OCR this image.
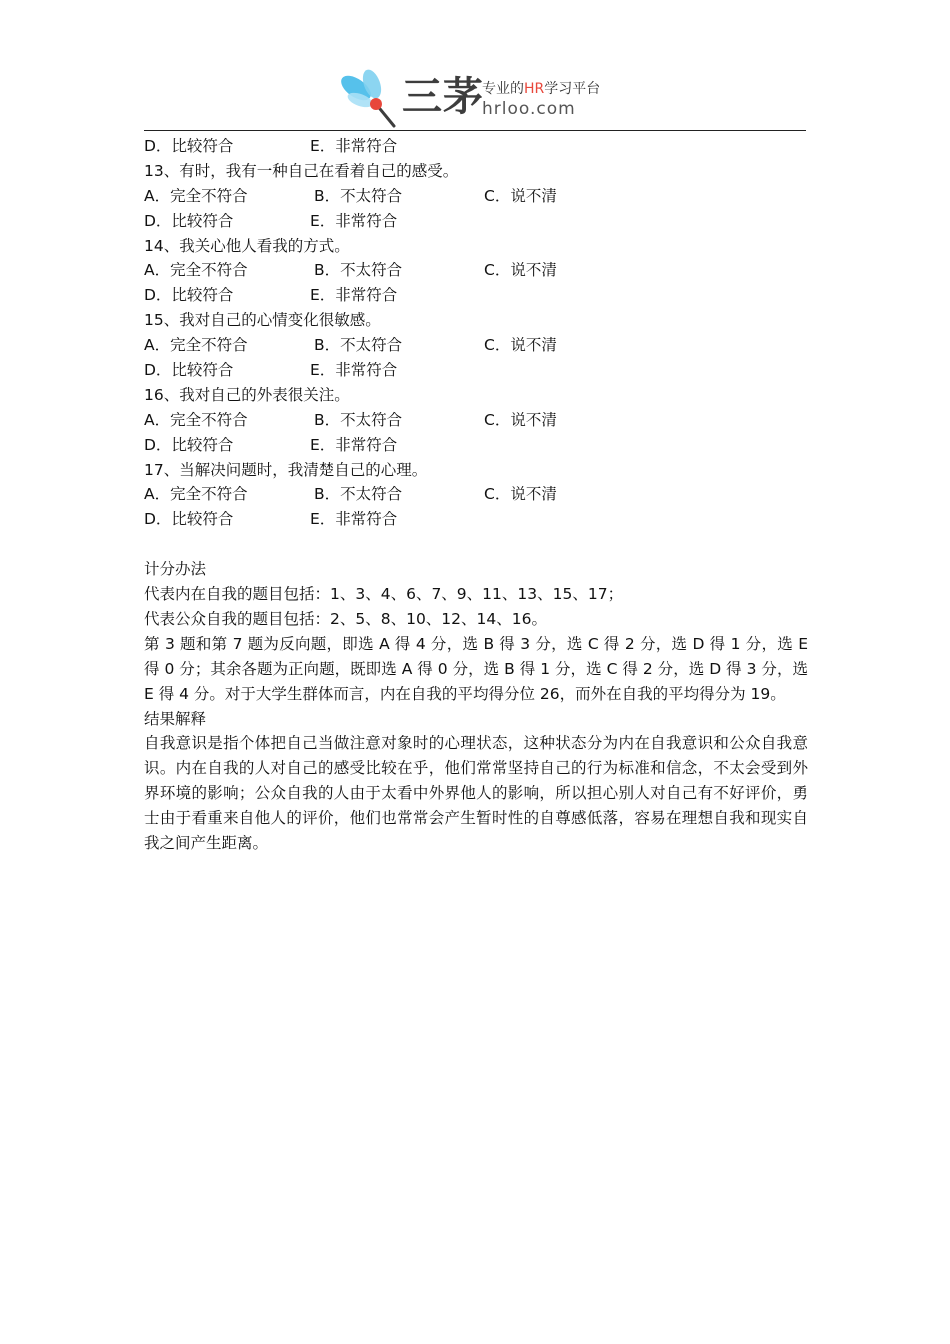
三茅
专业的HR学习平台
hrloo.com
D．比较符合	E．非常符合
13、有时，我有一种自己在看着自己的感受。
A．完全不符合	B．不太符合	C．说不清
D．比较符合	E．非常符合
14、我关心他人看我的方式。
A．完全不符合	B．不太符合	C．说不清
D．比较符合	E．非常符合
15、我对自己的心情变化很敏感。
A．完全不符合	B．不太符合	C．说不清
D．比较符合	E．非常符合
16、我对自己的外表很关注。
A．完全不符合	B．不太符合	C．说不清
D．比较符合	E．非常符合
17、当解决问题时，我清楚自己的心理。
A．完全不符合	B．不太符合	C．说不清
D．比较符合	E．非常符合
计分办法
代表内在自我的题目包括：1、3、4、6、7、9、11、13、15、17；
代表公众自我的题目包括：2、5、8、10、12、14、16。
第 3 题和第 7 题为反向题，即选 A 得 4 分，选 B 得 3 分，选 C 得 2 分，选 D 得 1 分，选 E 得 0 分；其余各题为正向题，既即选 A 得 0 分，选 B 得 1 分，选 C 得 2 分，选 D 得 3 分，选 E 得 4 分。对于大学生群体而言，内在自我的平均得分位 26，而外在自我的平均得分为 19。
结果解释
自我意识是指个体把自己当做注意对象时的心理状态，这种状态分为内在自我意识和公众自我意识。内在自我的人对自己的感受比较在乎，他们常常坚持自己的行为标准和信念，不太会受到外界环境的影响；公众自我的人由于太看中外界他人的影响，所以担心别人对自己有不好评价，勇士由于看重来自他人的评价，他们也常常会产生暂时性的自尊感低落，容易在理想自我和现实自我之间产生距离。
